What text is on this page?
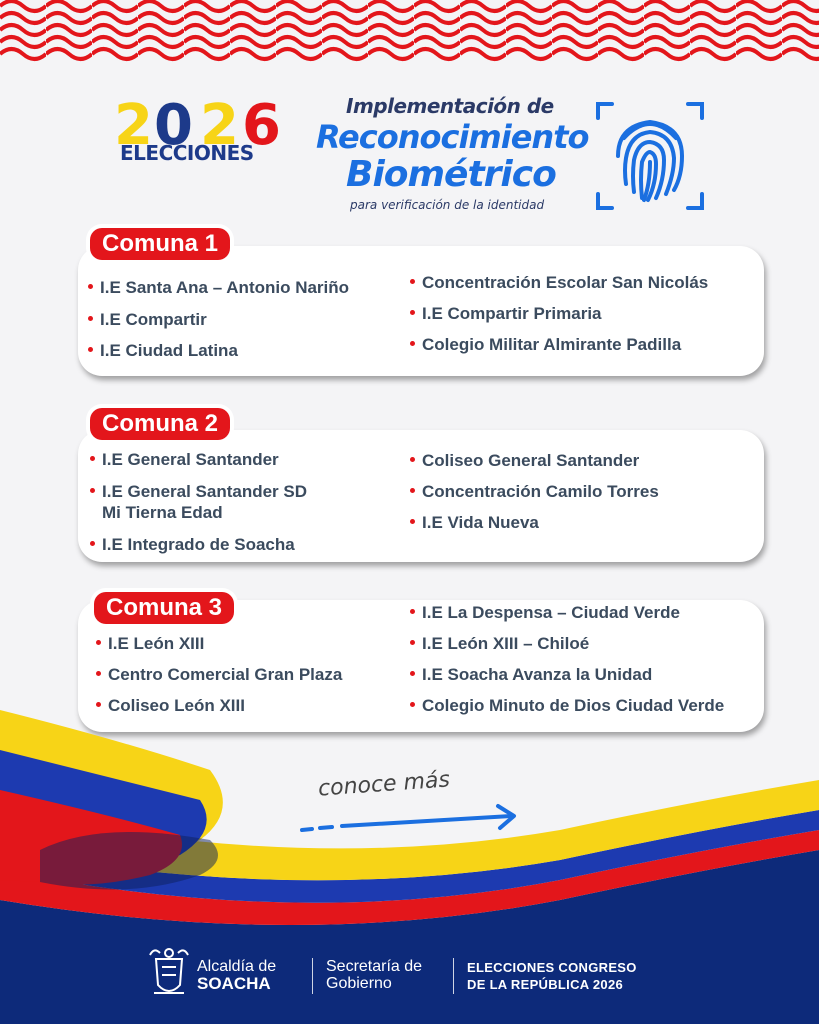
2 0 2 6
ELECCIONES
Implementación de
Reconocimiento
Biométrico
para verificación de la identidad
Comuna 1
Comuna 2
Comuna 3
I.E Santa Ana – Antonio Nariño
I.E Compartir
I.E Ciudad Latina
Concentración Escolar San Nicolás
I.E Compartir Primaria
Colegio Militar Almirante Padilla
I.E General Santander
I.E General Santander SD
Mi Tierna Edad
I.E Integrado de Soacha
Coliseo General Santander
Concentración Camilo Torres
I.E Vida Nueva
I.E León XIII
Centro Comercial Gran Plaza
Coliseo León XIII
I.E La Despensa – Ciudad Verde
I.E León XIII – Chiloé
I.E Soacha Avanza la Unidad
Colegio Minuto de Dios Ciudad Verde
conoce más
Alcaldía de
SOACHA
Secretaría de
Gobierno
ELECCIONES CONGRESO
DE LA REPÚBLICA 2026
